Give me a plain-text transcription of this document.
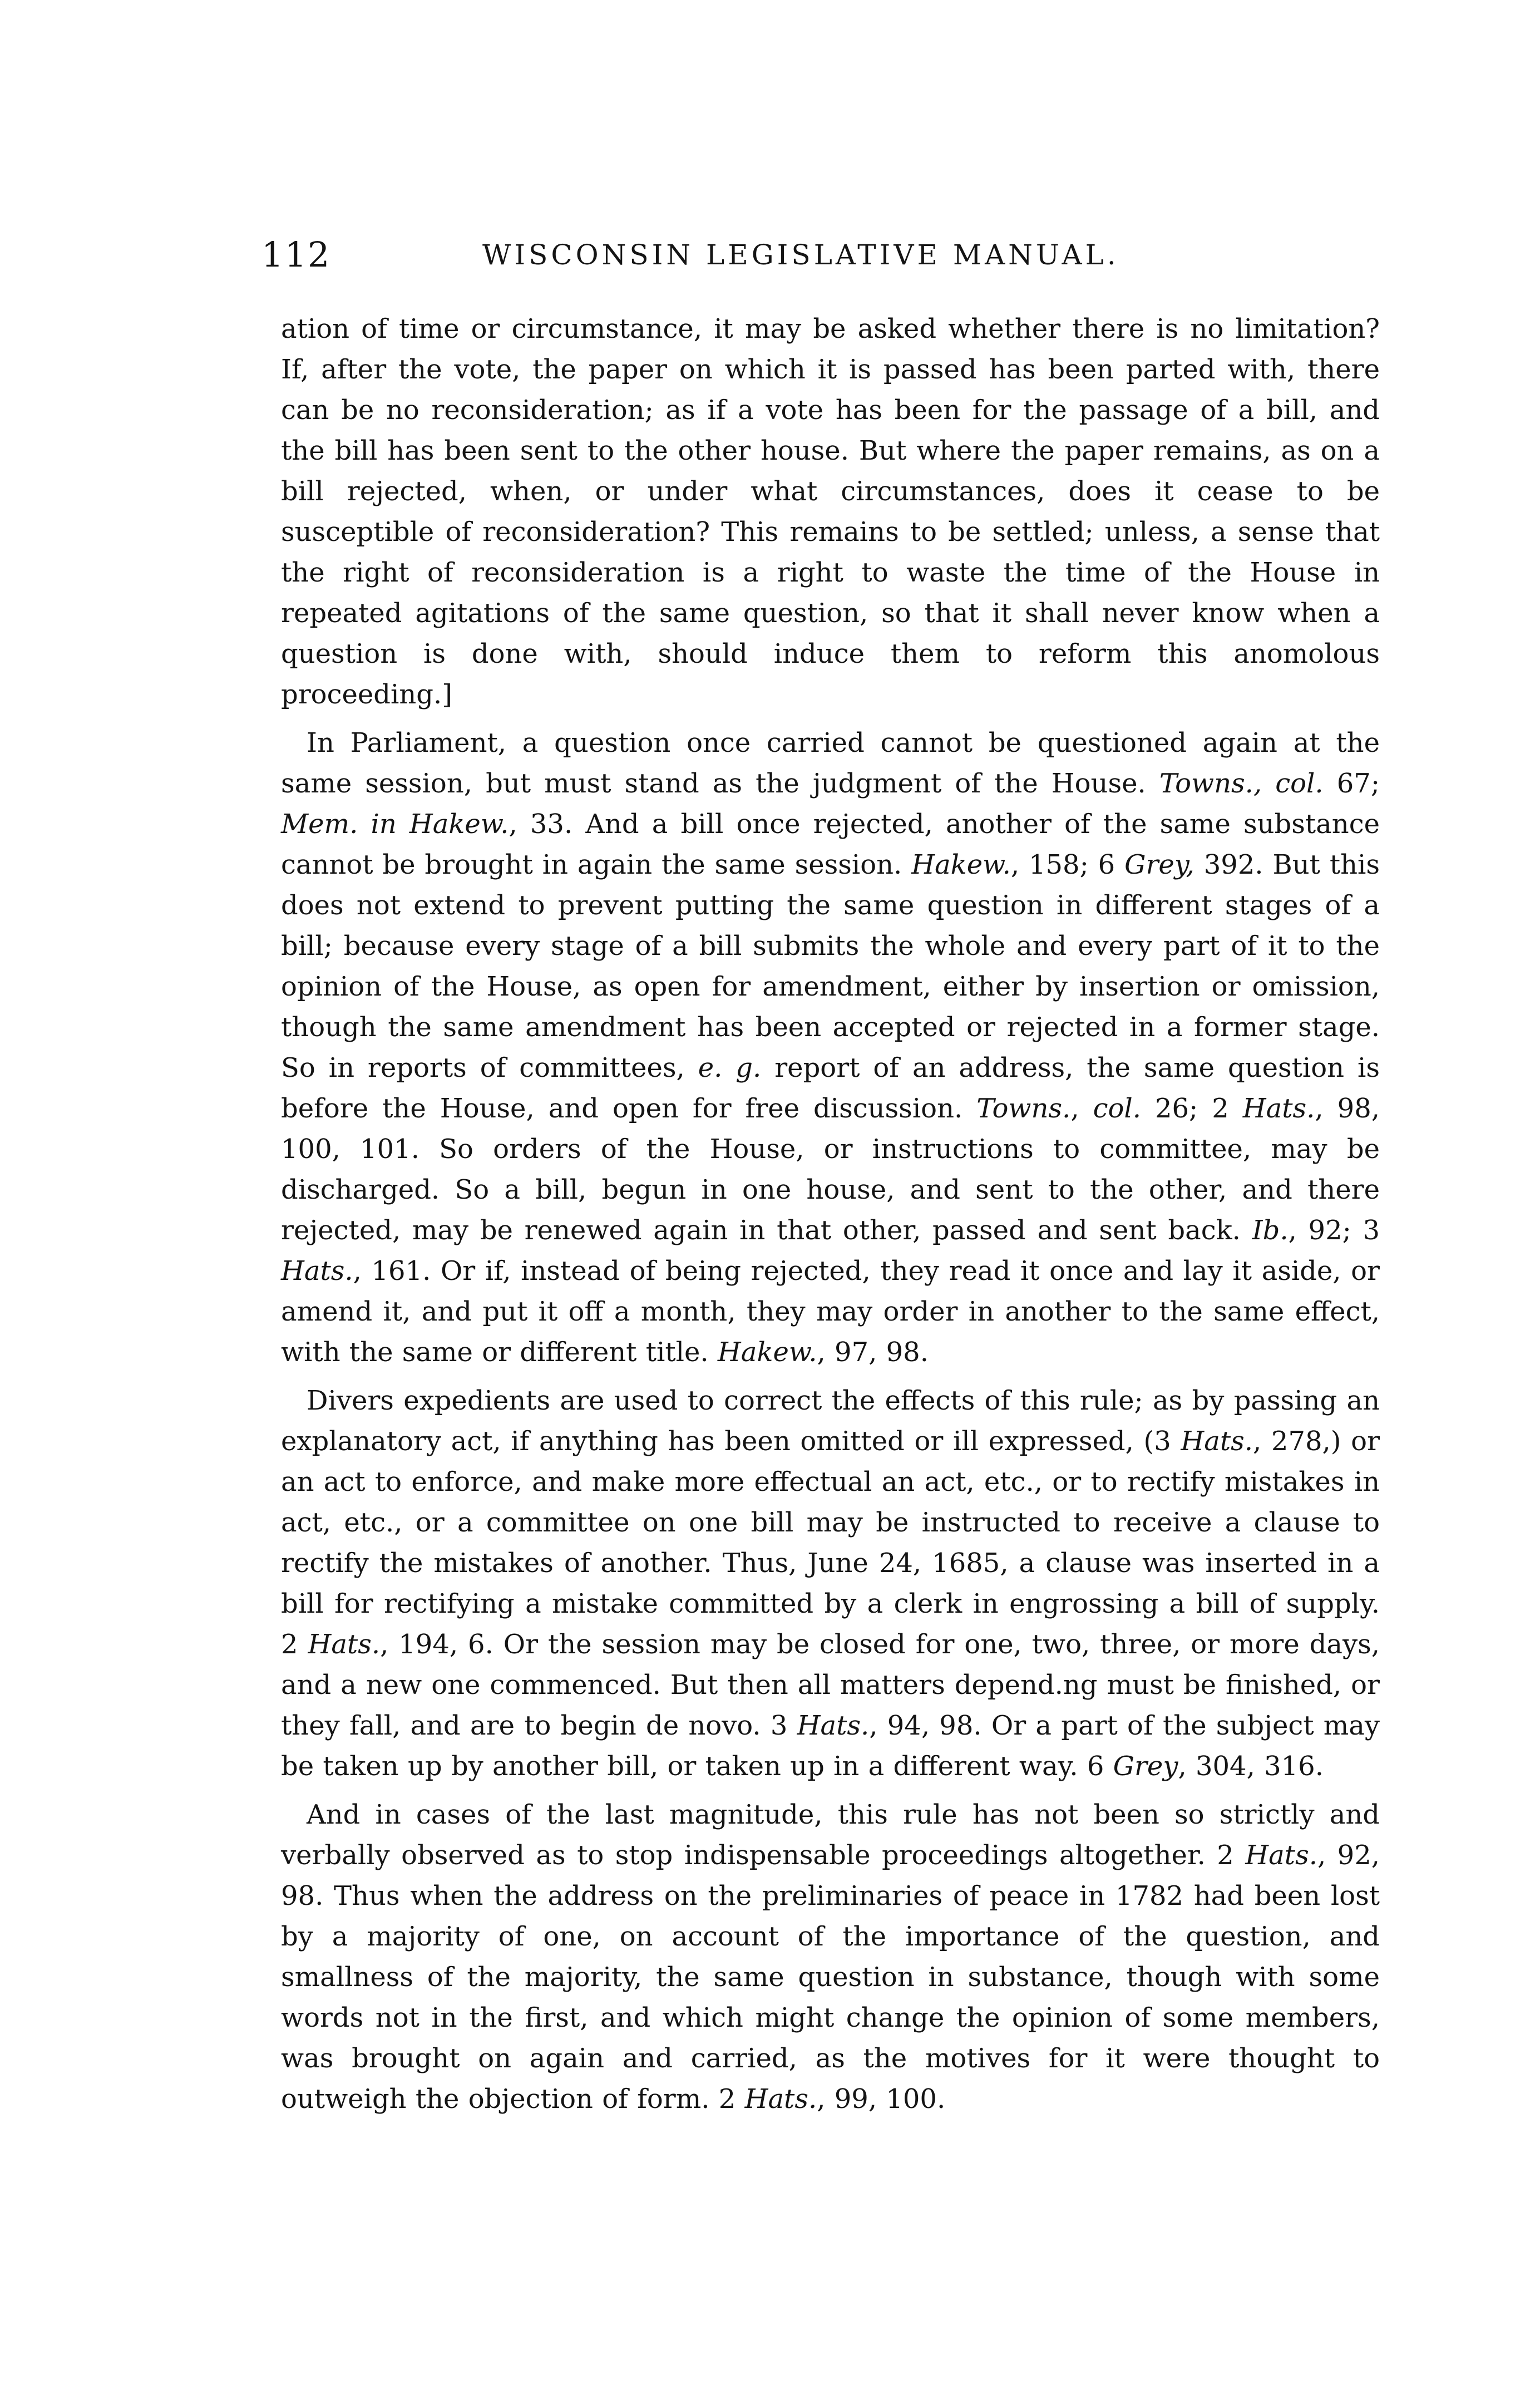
112	WISCONSIN LEGISLATIVE MANUAL.

ation of time or circumstance, it may be asked whether there is no limitation? If, after the vote, the paper on which it is passed has been parted with, there can be no reconsideration; as if a vote has been for the passage of a bill, and the bill has been sent to the other house. But where the paper remains, as on a bill rejected, when, or under what circumstances, does it cease to be susceptible of reconsideration? This remains to be settled; unless, a sense that the right of reconsideration is a right to waste the time of the House in repeated agitations of the same question, so that it shall never know when a question is done with, should induce them to reform this anomolous proceeding.]

In Parliament, a question once carried cannot be questioned again at the same session, but must stand as the judgment of the House. Towns., col. 67; Mem. in Hakew., 33. And a bill once rejected, another of the same substance cannot be brought in again the same session. Hakew., 158; 6 Grey, 392. But this does not extend to prevent putting the same question in different stages of a bill; because every stage of a bill submits the whole and every part of it to the opinion of the House, as open for amendment, either by insertion or omission, though the same amendment has been accepted or rejected in a former stage. So in reports of committees, e. g. report of an address, the same question is before the House, and open for free discussion. Towns., col. 26; 2 Hats., 98, 100, 101. So orders of the House, or instructions to committee, may be discharged. So a bill, begun in one house, and sent to the other, and there rejected, may be renewed again in that other, passed and sent back. Ib., 92; 3 Hats., 161. Or if, instead of being rejected, they read it once and lay it aside, or amend it, and put it off a month, they may order in another to the same effect, with the same or different title. Hakew., 97, 98.

Divers expedients are used to correct the effects of this rule; as by passing an explanatory act, if anything has been omitted or ill expressed, (3 Hats., 278,) or an act to enforce, and make more effectual an act, etc., or to rectify mistakes in act, etc., or a committee on one bill may be instructed to receive a clause to rectify the mistakes of another. Thus, June 24, 1685, a clause was inserted in a bill for rectifying a mistake committed by a clerk in engrossing a bill of supply. 2 Hats., 194, 6. Or the session may be closed for one, two, three, or more days, and a new one commenced. But then all matters depend.ng must be finished, or they fall, and are to begin de novo. 3 Hats., 94, 98. Or a part of the subject may be taken up by another bill, or taken up in a different way. 6 Grey, 304, 316.

And in cases of the last magnitude, this rule has not been so strictly and verbally observed as to stop indispensable proceedings altogether. 2 Hats., 92, 98. Thus when the address on the preliminaries of peace in 1782 had been lost by a majority of one, on account of the importance of the question, and smallness of the majority, the same question in substance, though with some words not in the first, and which might change the opinion of some members, was brought on again and carried, as the motives for it were thought to outweigh the objection of form. 2 Hats., 99, 100.
